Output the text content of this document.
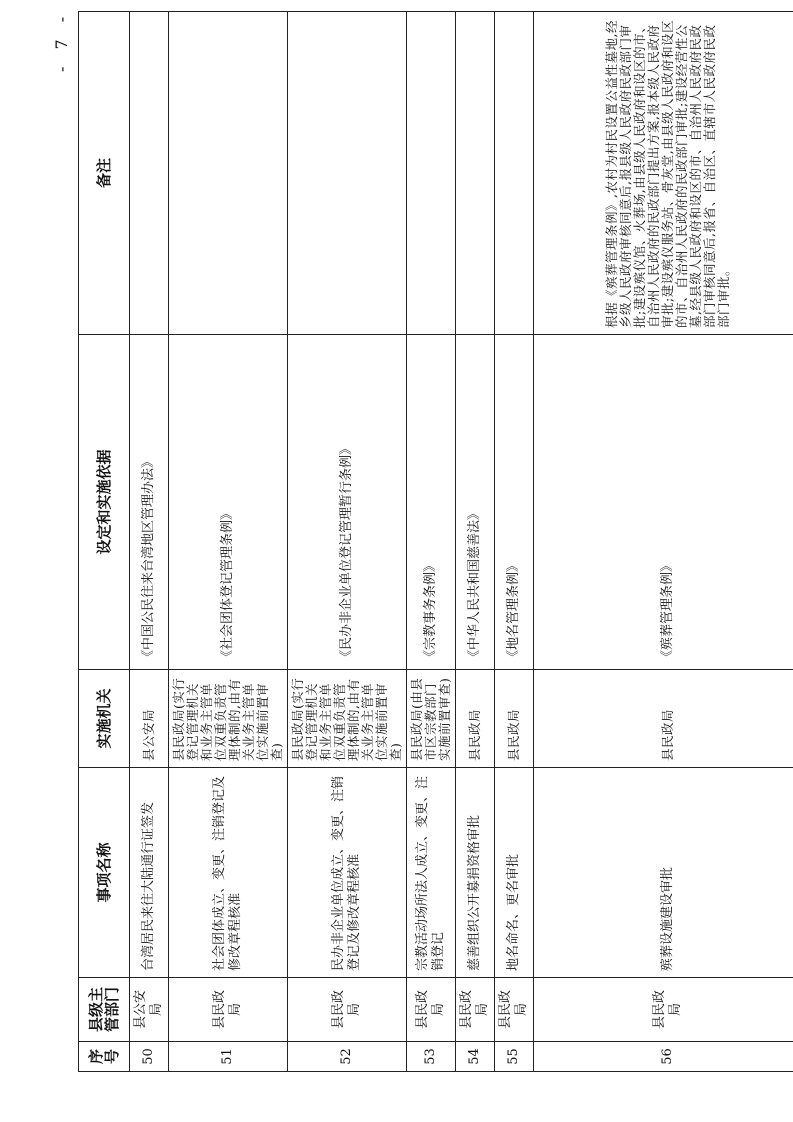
序号	县级主管部门	事项名称	实施机关	设定和实施依据	备注
50	县公安局	台湾居民来往大陆通行证签发	县公安局	《中国公民往来台湾地区管理办法》	
51	县民政局	社会团体成立、变更、注销登记及修改章程核准	县民政局(实行登记管理机关和业务主管单位双重负责管理体制的,由有关业务主管单位实施前置审查)	《社会团体登记管理条例》	
52	县民政局	民办非企业单位成立、变更、注销登记及修改章程核准	县民政局(实行登记管理机关和业务主管单位双重负责管理体制的,由有关业务主管单位实施前置审查)	《民办非企业单位登记管理暂行条例》	
53	县民政局	宗教活动场所法人成立、变更、注销登记	县民政局(由县市区宗教部门实施前置审查)	《宗教事务条例》	
54	县民政局	慈善组织公开募捐资格审批	县民政局	《中华人民共和国慈善法》	
55	县民政局	地名命名、更名审批	县民政局	《地名管理条例》	
56	县民政局	殡葬设施建设审批	县民政局	《殡葬管理条例》	根据《殡葬管理条例》,农村为村民设置公益性墓地,经乡级人民政府审核同意后,报县级人民政府民政部门审批;建设殡仪馆、火葬场,由县级人民政府和设区的市、自治州人民政府的民政部门提出方案,报本级人民政府审批;建设殡仪服务站、骨灰堂,由县级人民政府和设区的市、自治州人民政府的民政部门审批;建设经营性公墓,经县级人民政府和设区的市、自治州人民政府民政部门审核同意后,报省、自治区、直辖市人民政府民政部门审批。
- 7 -
